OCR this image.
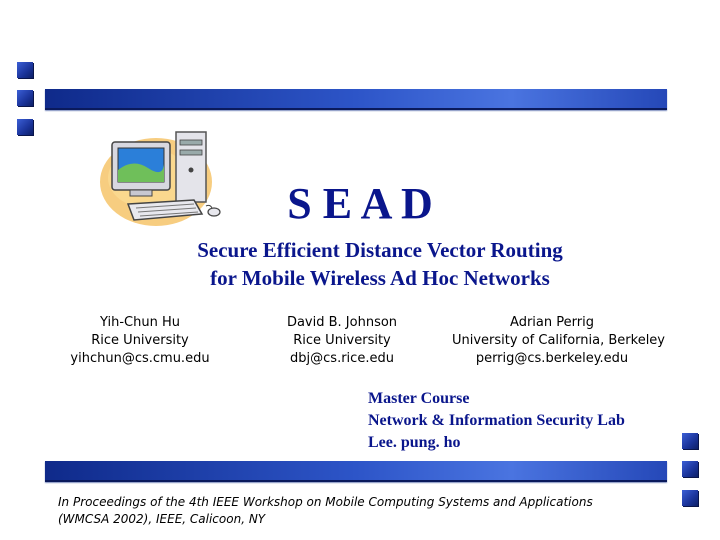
S E A D
Secure Efficient Distance Vector Routing
for Mobile Wireless Ad Hoc Networks
Yih-Chun Hu
Rice University
yihchun@cs.cmu.edu
David B. Johnson
Rice University
dbj@cs.rice.edu
Adrian Perrig
University of California, Berkeley
perrig@cs.berkeley.edu
Master Course
Network & Information Security Lab
Lee. pung. ho
In Proceedings of the 4th IEEE Workshop on Mobile Computing Systems and Applications
(WMCSA 2002), IEEE, Calicoon, NY
